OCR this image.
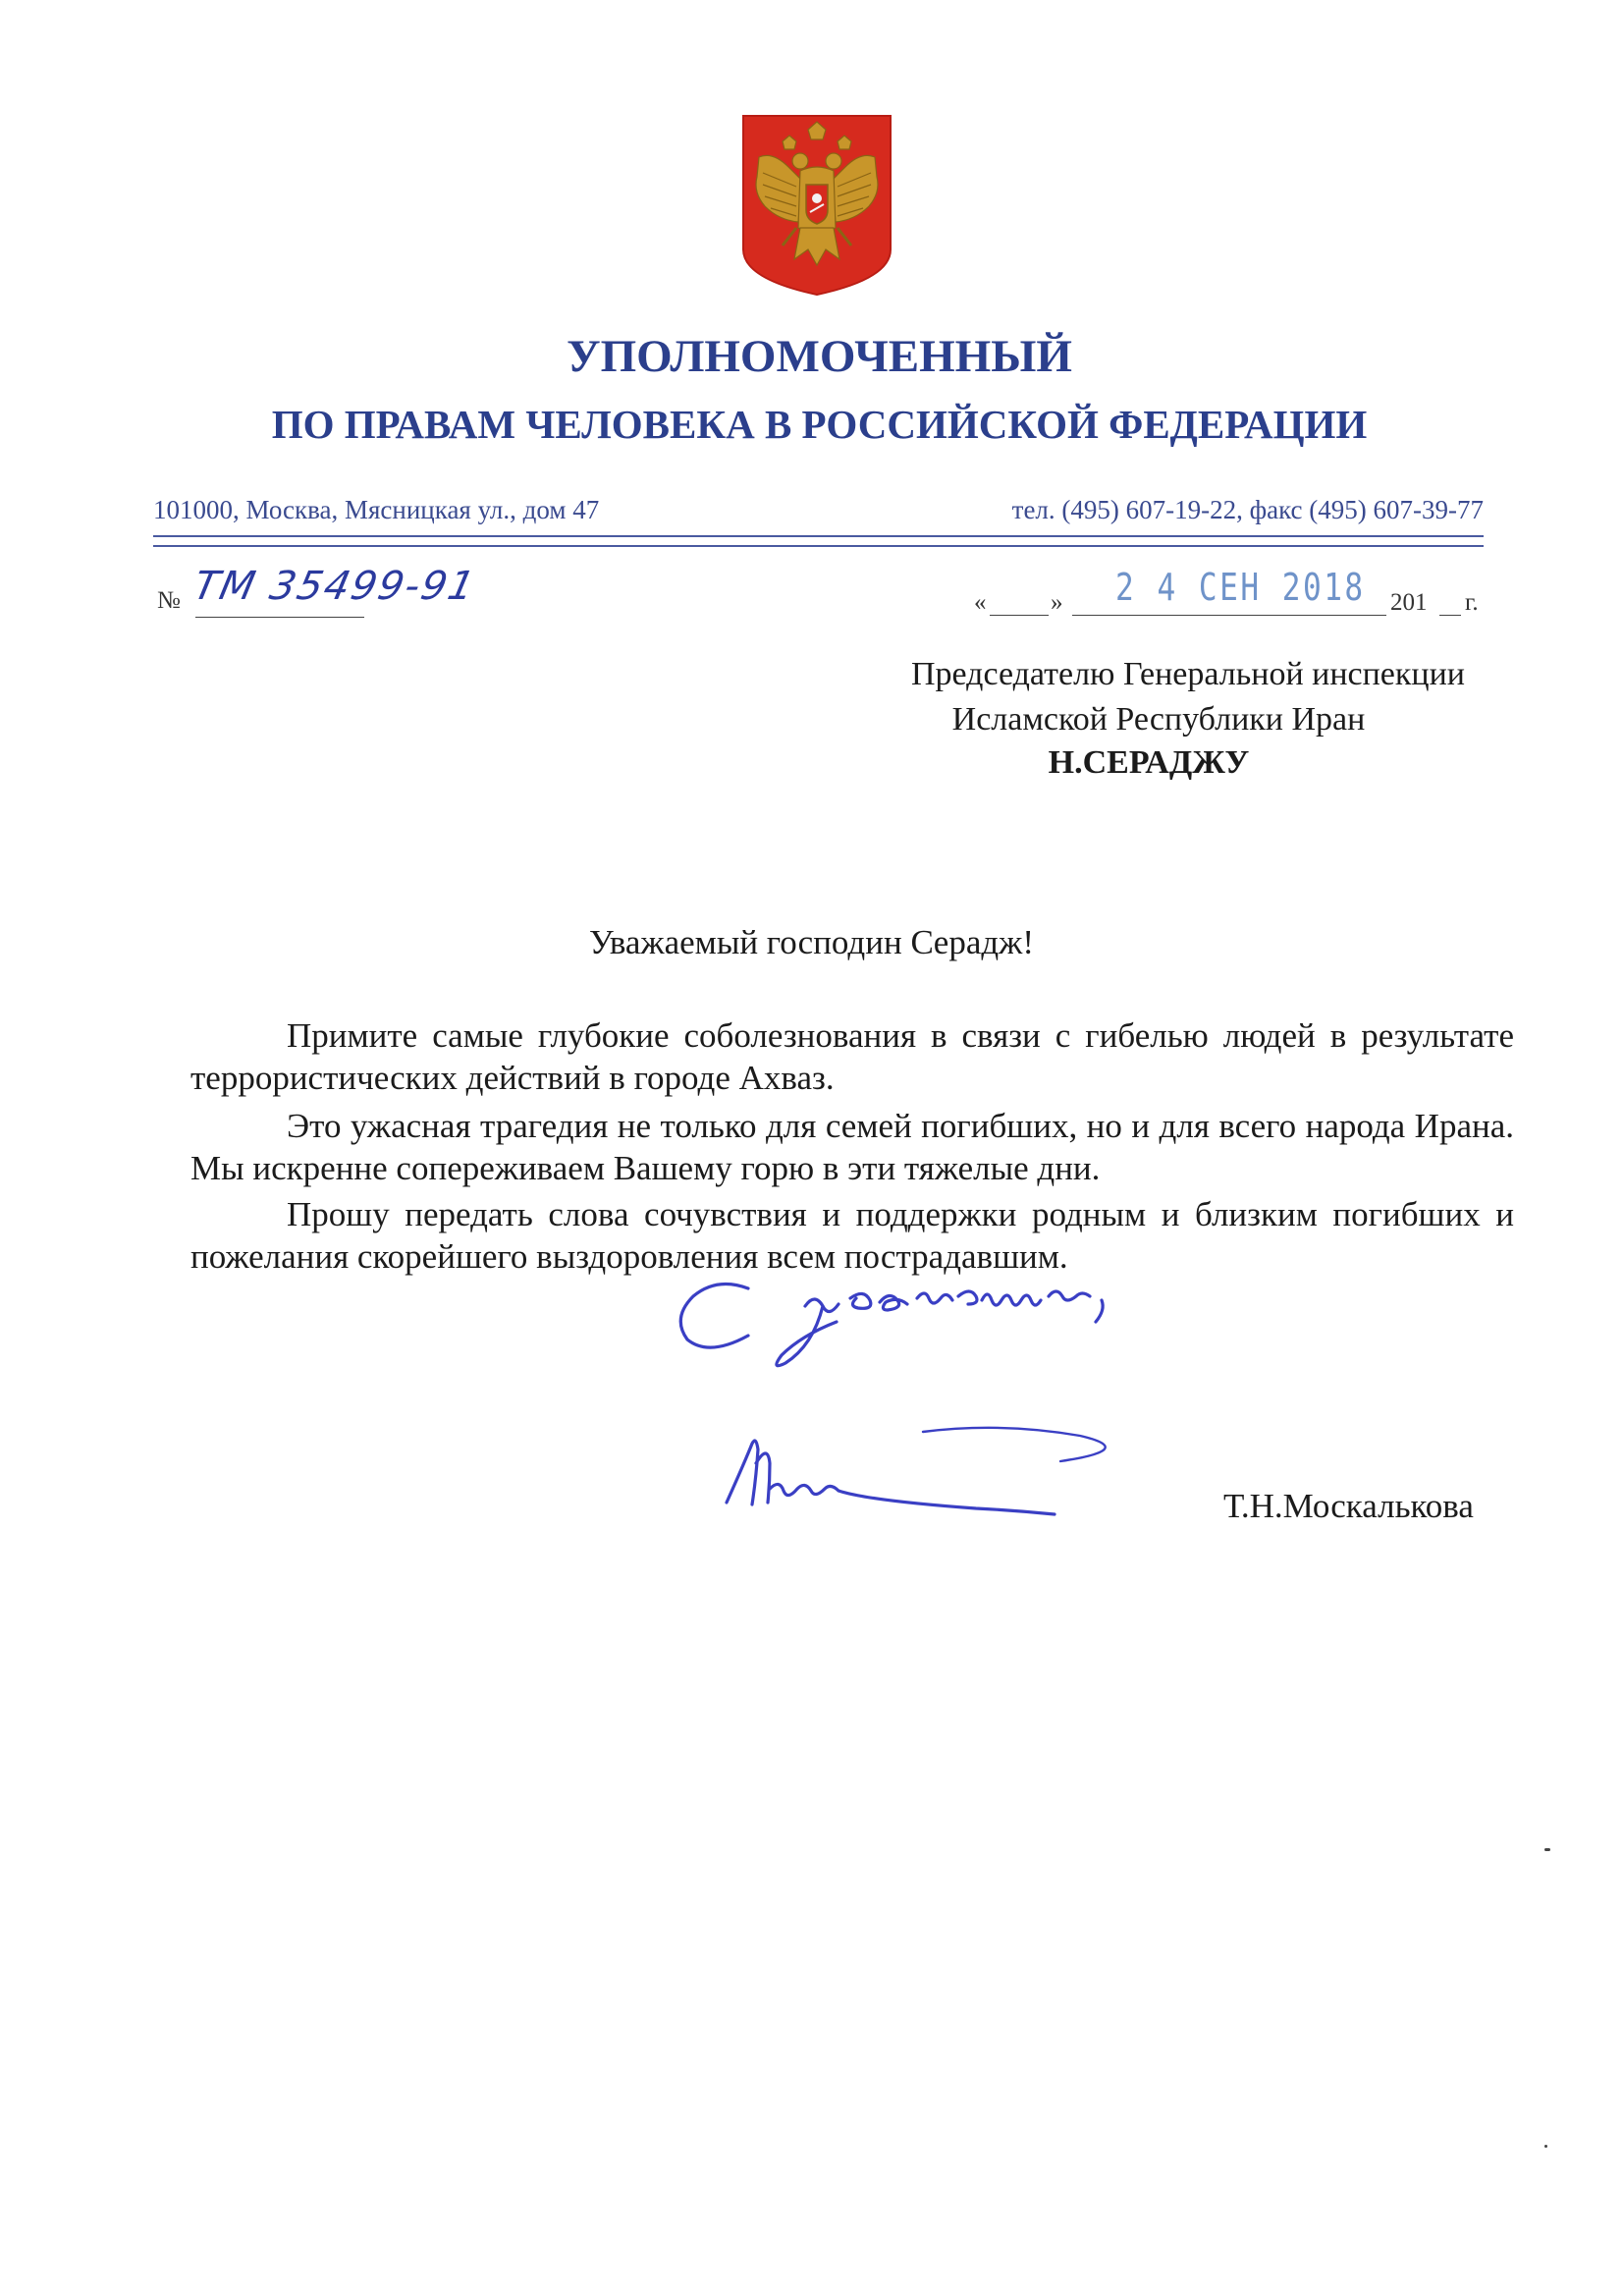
УПОЛНОМОЧЕННЫЙ
ПО ПРАВАМ ЧЕЛОВЕКА В РОССИЙСКОЙ ФЕДЕРАЦИИ
101000, Москва, Мясницкая ул., дом 47	тел. (495) 607-19-22, факс (495) 607-39-77
№ ТМ 35499-91	«	» 2 4 СЕН 2018 201 г.
Председателю Генеральной инспекции
Исламской Республики Иран
Н.СЕРАДЖУ
Уважаемый господин Сeрадж!
Примите самые глубокие соболезнования в связи с гибелью людей в результате террористических действий в городе Ахваз.
Это ужасная трагедия не только для семей погибших, но и для всего народа Ирана. Мы искренне сопереживаем Вашему горю в эти тяжелые дни.
Прошу передать слова сочувствия и поддержки родным и близким погибших и пожелания скорейшего выздоровления всем пострадавшим.
Т.Н.Москалькова
